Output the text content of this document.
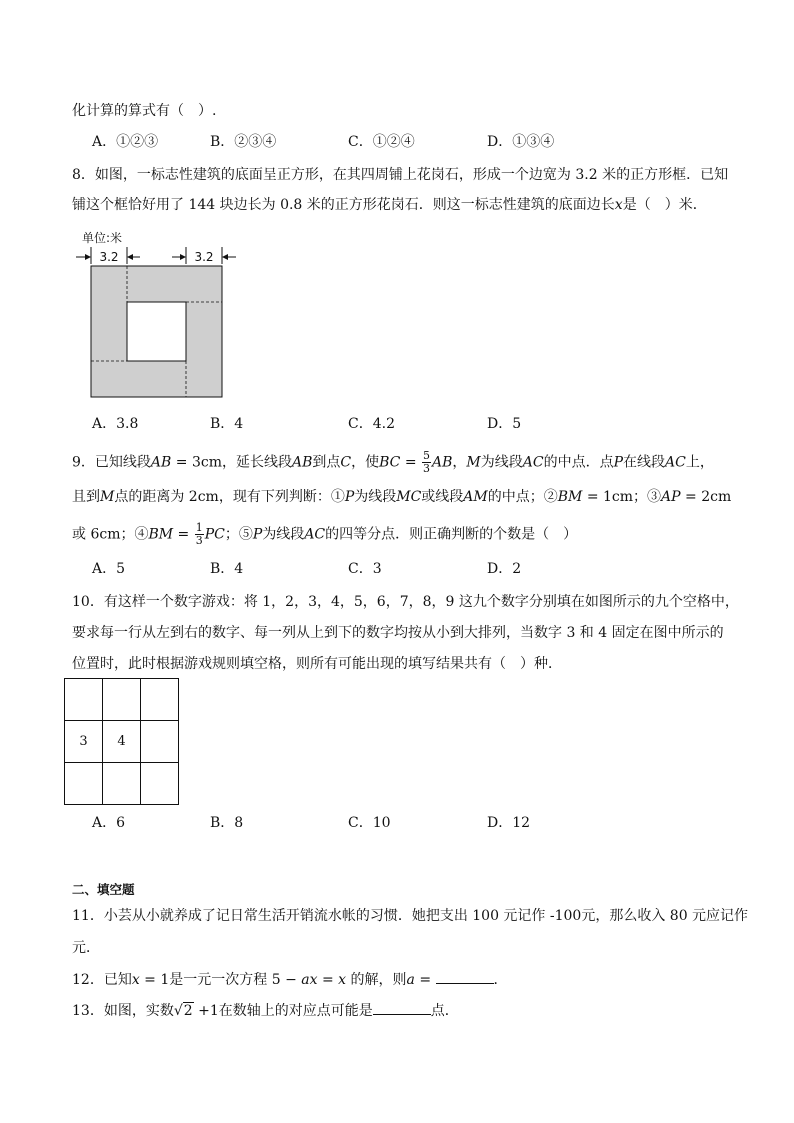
化计算的算式有（　）.
A．①②③	B．②③④	C．①②④	D．①③④
8．如图，一标志性建筑的底面呈正方形，在其四周铺上花岗石，形成一个边宽为 3.2 米的正方形框．已知
铺这个框恰好用了 144 块边长为 0.8 米的正方形花岗石．则这一标志性建筑的底面边长x是（　）米．
单位:米
3.2	3.2
A．3.8	B．4	C．4.2	D．5
9．已知线段AB = 3cm，延长线段AB到点C，使BC = $\frac{5}{3}$ AB，M为线段AC的中点．点P在线段AC上，
且到M点的距离为 2cm，现有下列判断：①P为线段MC或线段AM的中点；②BM = 1cm；③AP = 2cm
或 6cm；④BM = $\frac{1}{3}$ PC；⑤P为线段AC的四等分点．则正确判断的个数是（　）
A．5	B．4	C．3	D．2
10．有这样一个数字游戏：将 1，2，3，4，5，6，7，8，9 这九个数字分别填在如图所示的九个空格中，
要求每一行从左到右的数字、每一列从上到下的数字均按从小到大排列，当数字 3 和 4 固定在图中所示的
位置时，此时根据游戏规则填空格，则所有可能出现的填写结果共有（　）种．

3	4	

A．6	B．8	C．10	D．12
二、填空题
11．小芸从小就养成了记日常生活开销流水帐的习惯．她把支出 100 元记作 -100元，那么收入 80 元应记作
元．
12．已知x = 1是一元一次方程 5 − ax = x 的解，则a =	．
13．如图，实数√2 +1在数轴上的对应点可能是	点．
